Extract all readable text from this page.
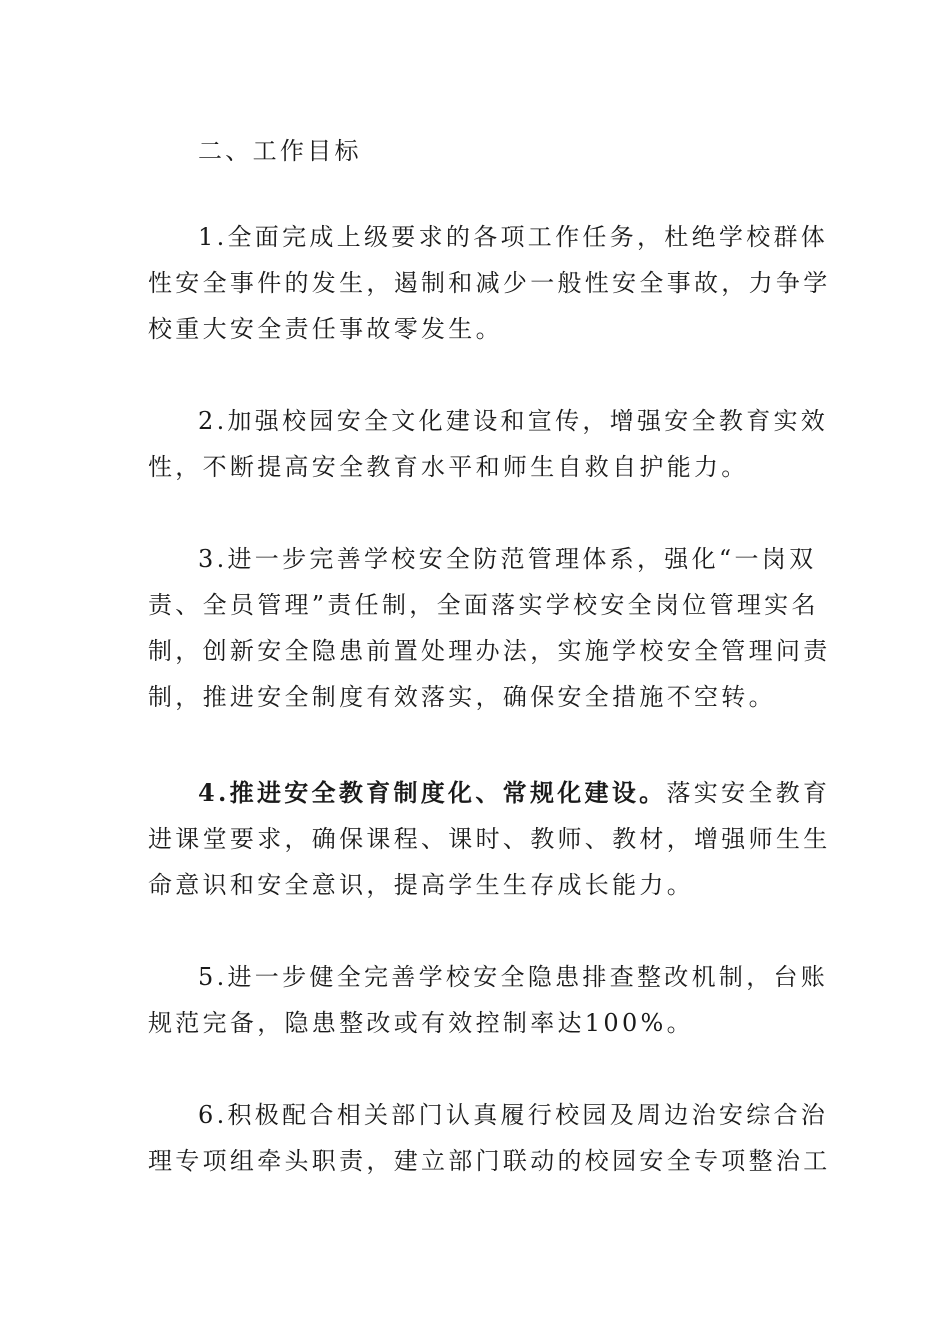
二、工作目标
1.全面完成上级要求的各项工作任务，杜绝学校群体
性安全事件的发生，遏制和减少一般性安全事故，力争学
校重大安全责任事故零发生。
2.加强校园安全文化建设和宣传，增强安全教育实效
性，不断提高安全教育水平和师生自救自护能力。
3.进一步完善学校安全防范管理体系，强化“一岗双
责、全员管理”责任制，全面落实学校安全岗位管理实名
制，创新安全隐患前置处理办法，实施学校安全管理问责
制，推进安全制度有效落实，确保安全措施不空转。
4.推进安全教育制度化、常规化建设。落实安全教育
进课堂要求，确保课程、课时、教师、教材，增强师生生
命意识和安全意识，提高学生生存成长能力。
5.进一步健全完善学校安全隐患排查整改机制，台账
规范完备，隐患整改或有效控制率达100%。
6.积极配合相关部门认真履行校园及周边治安综合治
理专项组牵头职责，建立部门联动的校园安全专项整治工
